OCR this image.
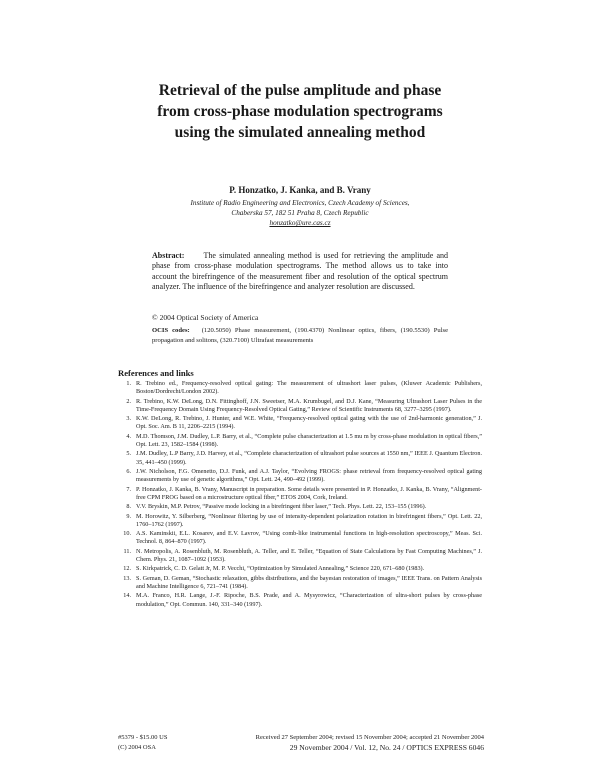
Retrieval of the pulse amplitude and phase from cross-phase modulation spectrograms using the simulated annealing method
P. Honzatko, J. Kanka, and B. Vrany
Institute of Radio Engineering and Electronics, Czech Academy of Sciences,
Chaberska 57, 182 51 Praha 8, Czech Republic
honzatko@ure.cas.cz
Abstract: The simulated annealing method is used for retrieving the amplitude and phase from cross-phase modulation spectrograms. The method allows us to take into account the birefringence of the measurement fiber and resolution of the optical spectrum analyzer. The influence of the birefringence and analyzer resolution are discussed.
© 2004 Optical Society of America
OCIS codes: (120.5050) Phase measurement, (190.4370) Nonlinear optics, fibers, (190.5530) Pulse propagation and solitons, (320.7100) Ultrafast measurements
References and links
1. R. Trebino ed., Frequency-resolved optical gating: The measurement of ultrashort laser pulses, (Kluwer Academic Publishers, Boston/Dordrecht/London 2002).
2. R. Trebino, K.W. DeLong, D.N. Fittinghoff, J.N. Sweetser, M.A. Krumbugel, and D.J. Kane, “Measuring Ultrashort Laser Pulses in the Time-Frequency Domain Using Frequency-Resolved Optical Gating,” Review of Scientific Instruments 68, 3277–3295 (1997).
3. K.W. DeLong, R. Trebino, J. Hunter, and W.E. White, “Frequency-resolved optical gating with the use of 2nd-harmonic generation,” J. Opt. Soc. Am. B 11, 2206–2215 (1994).
4. M.D. Thomson, J.M. Dudley, L.P. Barry, et al., “Complete pulse characterization at 1.5 mu m by cross-phase modulation in optical fibers,” Opt. Lett. 23, 1582–1584 (1998).
5. J.M. Dudley, L.P Barry, J.D. Harvey, et al., “Complete characterization of ultrashort pulse sources at 1550 nm,” IEEE J. Quantum Electron. 35, 441–450 (1999).
6. J.W. Nicholson, F.G. Omenetto, D.J. Funk, and A.J. Taylor, “Evolving FROGS: phase retrieval from frequency-resolved optical gating measurements by use of genetic algorithms,” Opt. Lett. 24, 490–492 (1999).
7. P. Honzatko, J. Kanka, B. Vrany, Manuscript in preparation. Some details were presented in P. Honzatko, J. Kanka, B. Vrany, “Alignment-free CPM FROG based on a microstructure optical fiber,” ETOS 2004, Cork, Ireland.
8. V.V. Bryskin, M.P. Petrov, “Passive mode locking in a birefringent fiber laser,” Tech. Phys. Lett. 22, 153–155 (1996).
9. M. Horowitz, Y. Silberberg, “Nonlinear filtering by use of intensity-dependent polarization rotation in birefringent fibers,” Opt. Lett. 22, 1760–1762 (1997).
10. A.S. Kaminskii, E.L. Kosarev, and E.V. Lavrov, “Using comb-like instrumental functions in high-resolution spectroscopy,” Meas. Sci. Technol. 8, 864–870 (1997).
11. N. Metropolis, A. Rosenbluth, M. Rosenbluth, A. Teller, and E. Teller, “Equation of State Calculations by Fast Computing Machines,” J. Chem. Phys. 21, 1087–1092 (1953).
12. S. Kirkpatrick, C. D. Gelatt Jr, M. P. Vecchi, “Optimization by Simulated Annealing,” Science 220, 671–680 (1983).
13. S. Geman, D. Geman, “Stochastic relaxation, gibbs distributions, and the bayesian restoration of images,” IEEE Trans. on Pattern Analysis and Machine Intelligence 6, 721–741 (1984).
14. M.A. Franco, H.R. Lange, J.-F. Ripoche, B.S. Prade, and A. Mysyrowicz, “Characterization of ultra-short pulses by cross-phase modulation,” Opt. Commun. 140, 331–340 (1997).
#5379 - $15.00 US
(C) 2004 OSA
Received 27 September 2004; revised 15 November 2004; accepted 21 November 2004
29 November 2004 / Vol. 12, No. 24 / OPTICS EXPRESS 6046
